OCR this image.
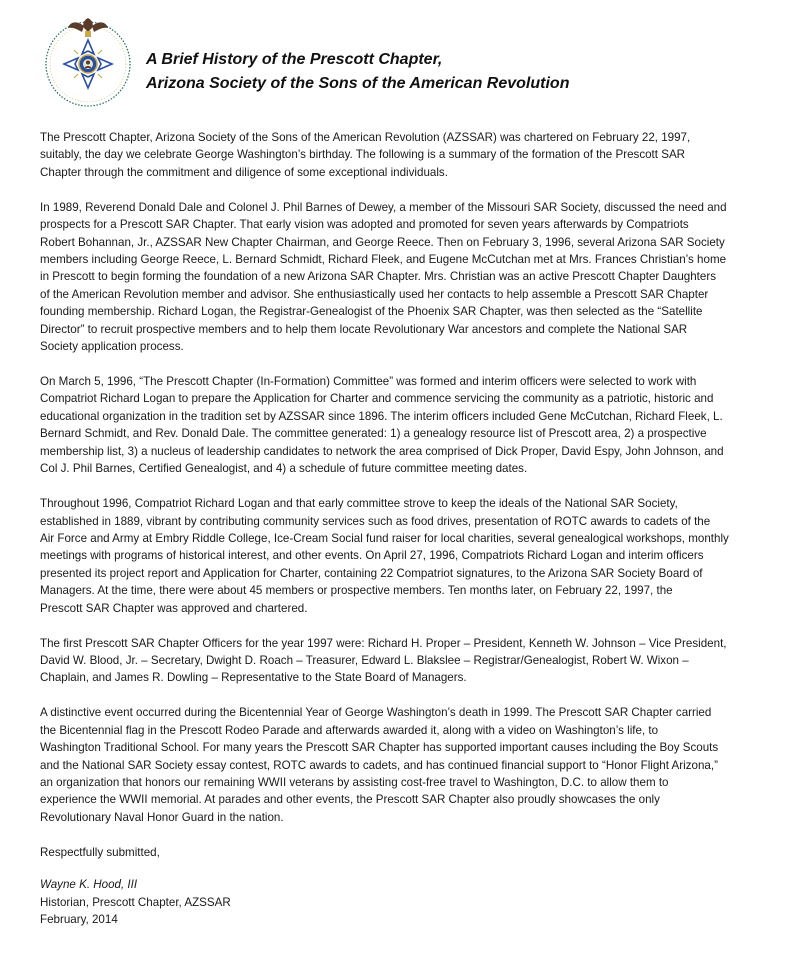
A Brief History of the Prescott Chapter,
Arizona Society of the Sons of the American Revolution
The Prescott Chapter, Arizona Society of the Sons of the American Revolution (AZSSAR) was chartered on February 22, 1997,
suitably, the day we celebrate George Washington’s birthday. The following is a summary of the formation of the Prescott SAR
Chapter through the commitment and diligence of some exceptional individuals.
In 1989, Reverend Donald Dale and Colonel J. Phil Barnes of Dewey, a member of the Missouri SAR Society, discussed the need and
prospects for a Prescott SAR Chapter. That early vision was adopted and promoted for seven years afterwards by Compatriots
Robert Bohannan, Jr., AZSSAR New Chapter Chairman, and George Reece. Then on February 3, 1996, several Arizona SAR Society
members including George Reece, L. Bernard Schmidt, Richard Fleek, and Eugene McCutchan met at Mrs. Frances Christian’s home
in Prescott to begin forming the foundation of a new Arizona SAR Chapter. Mrs. Christian was an active Prescott Chapter Daughters
of the American Revolution member and advisor. She enthusiastically used her contacts to help assemble a Prescott SAR Chapter
founding membership. Richard Logan, the Registrar-Genealogist of the Phoenix SAR Chapter, was then selected as the “Satellite
Director” to recruit prospective members and to help them locate Revolutionary War ancestors and complete the National SAR
Society application process.
On March 5, 1996, “The Prescott Chapter (In-Formation) Committee” was formed and interim officers were selected to work with
Compatriot Richard Logan to prepare the Application for Charter and commence servicing the community as a patriotic, historic and
educational organization in the tradition set by AZSSAR since 1896. The interim officers included Gene McCutchan, Richard Fleek, L.
Bernard Schmidt, and Rev. Donald Dale. The committee generated: 1) a genealogy resource list of Prescott area, 2) a prospective
membership list, 3) a nucleus of leadership candidates to network the area comprised of Dick Proper, David Espy, John Johnson, and
Col J. Phil Barnes, Certified Genealogist, and 4) a schedule of future committee meeting dates.
Throughout 1996, Compatriot Richard Logan and that early committee strove to keep the ideals of the National SAR Society,
established in 1889, vibrant by contributing community services such as food drives, presentation of ROTC awards to cadets of the
Air Force and Army at Embry Riddle College, Ice-Cream Social fund raiser for local charities, several genealogical workshops, monthly
meetings with programs of historical interest, and other events. On April 27, 1996, Compatriots Richard Logan and interim officers
presented its project report and Application for Charter, containing 22 Compatriot signatures, to the Arizona SAR Society Board of
Managers. At the time, there were about 45 members or prospective members. Ten months later, on February 22, 1997, the
Prescott SAR Chapter was approved and chartered.
The first Prescott SAR Chapter Officers for the year 1997 were: Richard H. Proper – President, Kenneth W. Johnson – Vice President,
David W. Blood, Jr. – Secretary, Dwight D. Roach – Treasurer, Edward L. Blakslee – Registrar/Genealogist, Robert W. Wixon –
Chaplain, and James R. Dowling – Representative to the State Board of Managers.
A distinctive event occurred during the Bicentennial Year of George Washington’s death in 1999. The Prescott SAR Chapter carried
the Bicentennial flag in the Prescott Rodeo Parade and afterwards awarded it, along with a video on Washington’s life, to
Washington Traditional School. For many years the Prescott SAR Chapter has supported important causes including the Boy Scouts
and the National SAR Society essay contest, ROTC awards to cadets, and has continued financial support to “Honor Flight Arizona,”
an organization that honors our remaining WWII veterans by assisting cost-free travel to Washington, D.C. to allow them to
experience the WWII memorial. At parades and other events, the Prescott SAR Chapter also proudly showcases the only
Revolutionary Naval Honor Guard in the nation.
Respectfully submitted,
Wayne K. Hood, III
Historian, Prescott Chapter, AZSSAR
February, 2014
